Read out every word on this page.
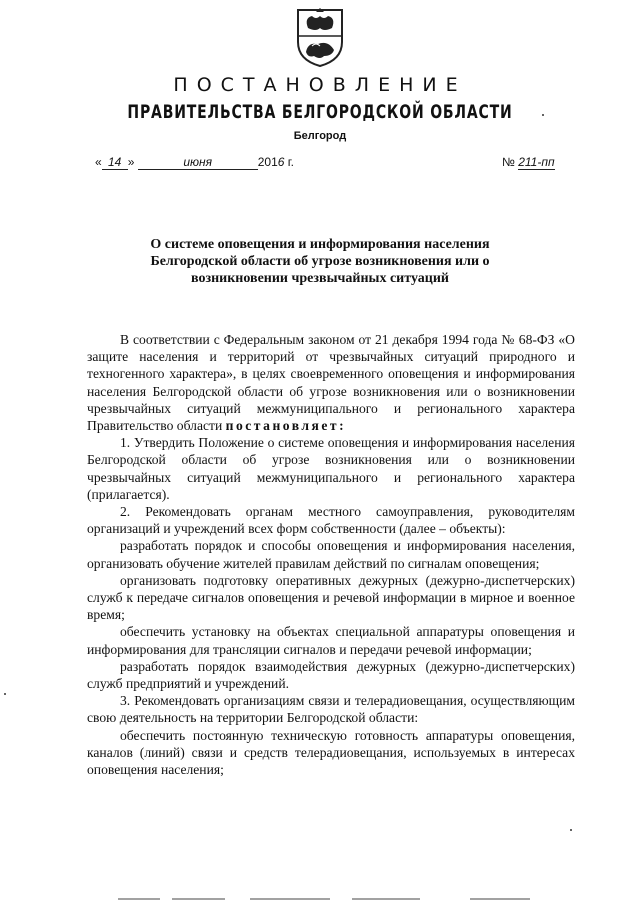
ПОСТАНОВЛЕНИЕ
ПРАВИТЕЛЬСТВА БЕЛГОРОДСКОЙ ОБЛАСТИ
Белгород
« 14 »	июня	2016 г.	№ 211-пп
О системе оповещения и информирования населения Белгородской области об угрозе возникновения или о возникновении чрезвычайных ситуаций

В соответствии с Федеральным законом от 21 декабря 1994 года № 68-ФЗ «О защите населения и территорий от чрезвычайных ситуаций природного и техногенного характера», в целях своевременного оповещения и информирования населения Белгородской области об угрозе возникновения или о возникновении чрезвычайных ситуаций межмуниципального и регионального характера Правительство области постановляет:

1. Утвердить Положение о системе оповещения и информирования населения Белгородской области об угрозе возникновения или о возникновении чрезвычайных ситуаций межмуниципального и регионального характера (прилагается).

2. Рекомендовать органам местного самоуправления, руководителям организаций и учреждений всех форм собственности (далее – объекты):

разработать порядок и способы оповещения и информирования населения, организовать обучение жителей правилам действий по сигналам оповещения;

организовать подготовку оперативных дежурных (дежурно-диспетчерских) служб к передаче сигналов оповещения и речевой информации в мирное и военное время;

обеспечить установку на объектах специальной аппаратуры оповещения и информирования для трансляции сигналов и передачи речевой информации;

разработать порядок взаимодействия дежурных (дежурно-диспетчерских) служб предприятий и учреждений.

3. Рекомендовать организациям связи и телерадиовещания, осуществляющим свою деятельность на территории Белгородской области:

обеспечить постоянную техническую готовность аппаратуры оповещения, каналов (линий) связи и средств телерадиовещания, используемых в интересах оповещения населения;
